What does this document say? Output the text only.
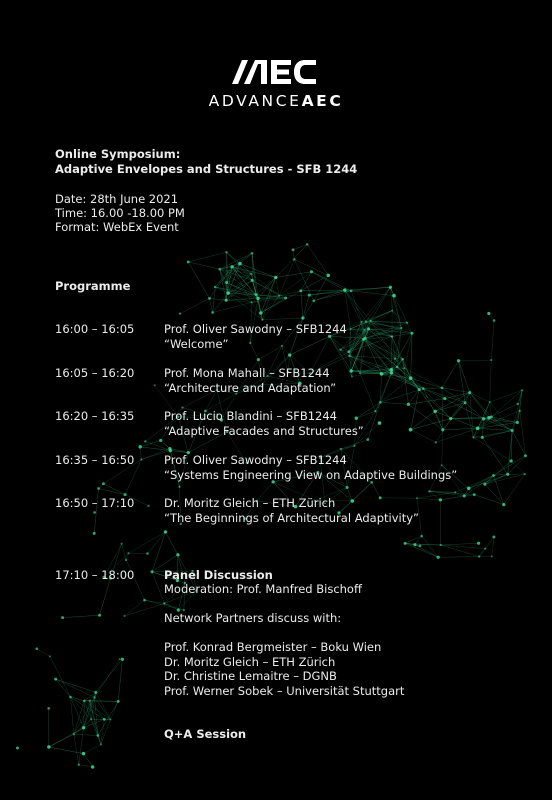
ADVANCEAEC
Online Symposium:
Adaptive Envelopes and Structures - SFB 1244
Date: 28th June 2021
Time: 16.00 -18.00 PM
Format: WebEx Event
Programme
16:00 – 16:05	Prof. Oliver Sawodny – SFB1244
“Welcome”
16:05 – 16:20	Prof. Mona Mahall – SFB1244
“Architecture and Adaptation”
16:20 – 16:35	Prof. Lucio Blandini – SFB1244
“Adaptive Facades and Structures”
16:35 – 16:50	Prof. Oliver Sawodny – SFB1244
“Systems Engineering View on Adaptive Buildings”
16:50 – 17:10	Dr. Moritz Gleich – ETH Zürich
“The Beginnings of Architectural Adaptivity”
17:10 – 18:00	Panel Discussion
Moderation: Prof. Manfred Bischoff
Network Partners discuss with:
Prof. Konrad Bergmeister – Boku Wien
Dr. Moritz Gleich – ETH Zürich
Dr. Christine Lemaitre – DGNB
Prof. Werner Sobek – Universität Stuttgart
Q+A Session
